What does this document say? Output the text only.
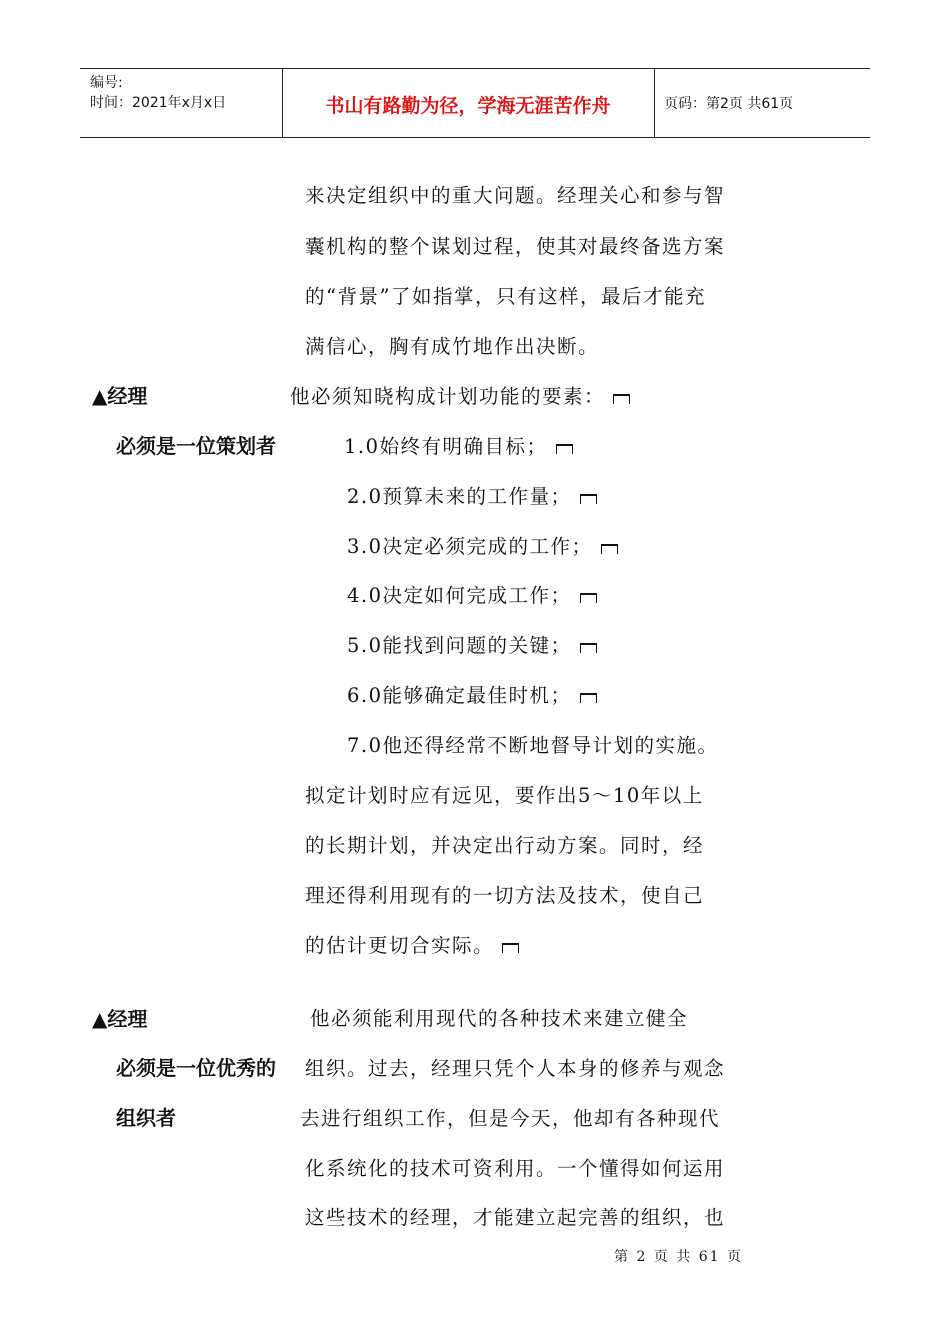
编号:
时间：2021年x月x日	书山有路勤为径，学海无涯苦作舟	页码：第2页 共61页
来决定组织中的重大问题。经理关心和参与智
囊机构的整个谋划过程，使其对最终备选方案
的“背景”了如指掌，只有这样，最后才能充
满信心，胸有成竹地作出决断。
▲经理
必须是一位策划者
他必须知晓构成计划功能的要素：
1.0始终有明确目标；
2.0预算未来的工作量；
3.0决定必须完成的工作；
4.0决定如何完成工作；
5.0能找到问题的关键；
6.0能够确定最佳时机；
7.0他还得经常不断地督导计划的实施。
拟定计划时应有远见，要作出5～10年以上
的长期计划，并决定出行动方案。同时，经
理还得利用现有的一切方法及技术，使自己
的估计更切合实际。
▲经理
必须是一位优秀的
组织者
他必须能利用现代的各种技术来建立健全
组织。过去，经理只凭个人本身的修养与观念
去进行组织工作，但是今天，他却有各种现代
化系统化的技术可资利用。一个懂得如何运用
这些技术的经理，才能建立起完善的组织，也
第 2 页 共 61 页
